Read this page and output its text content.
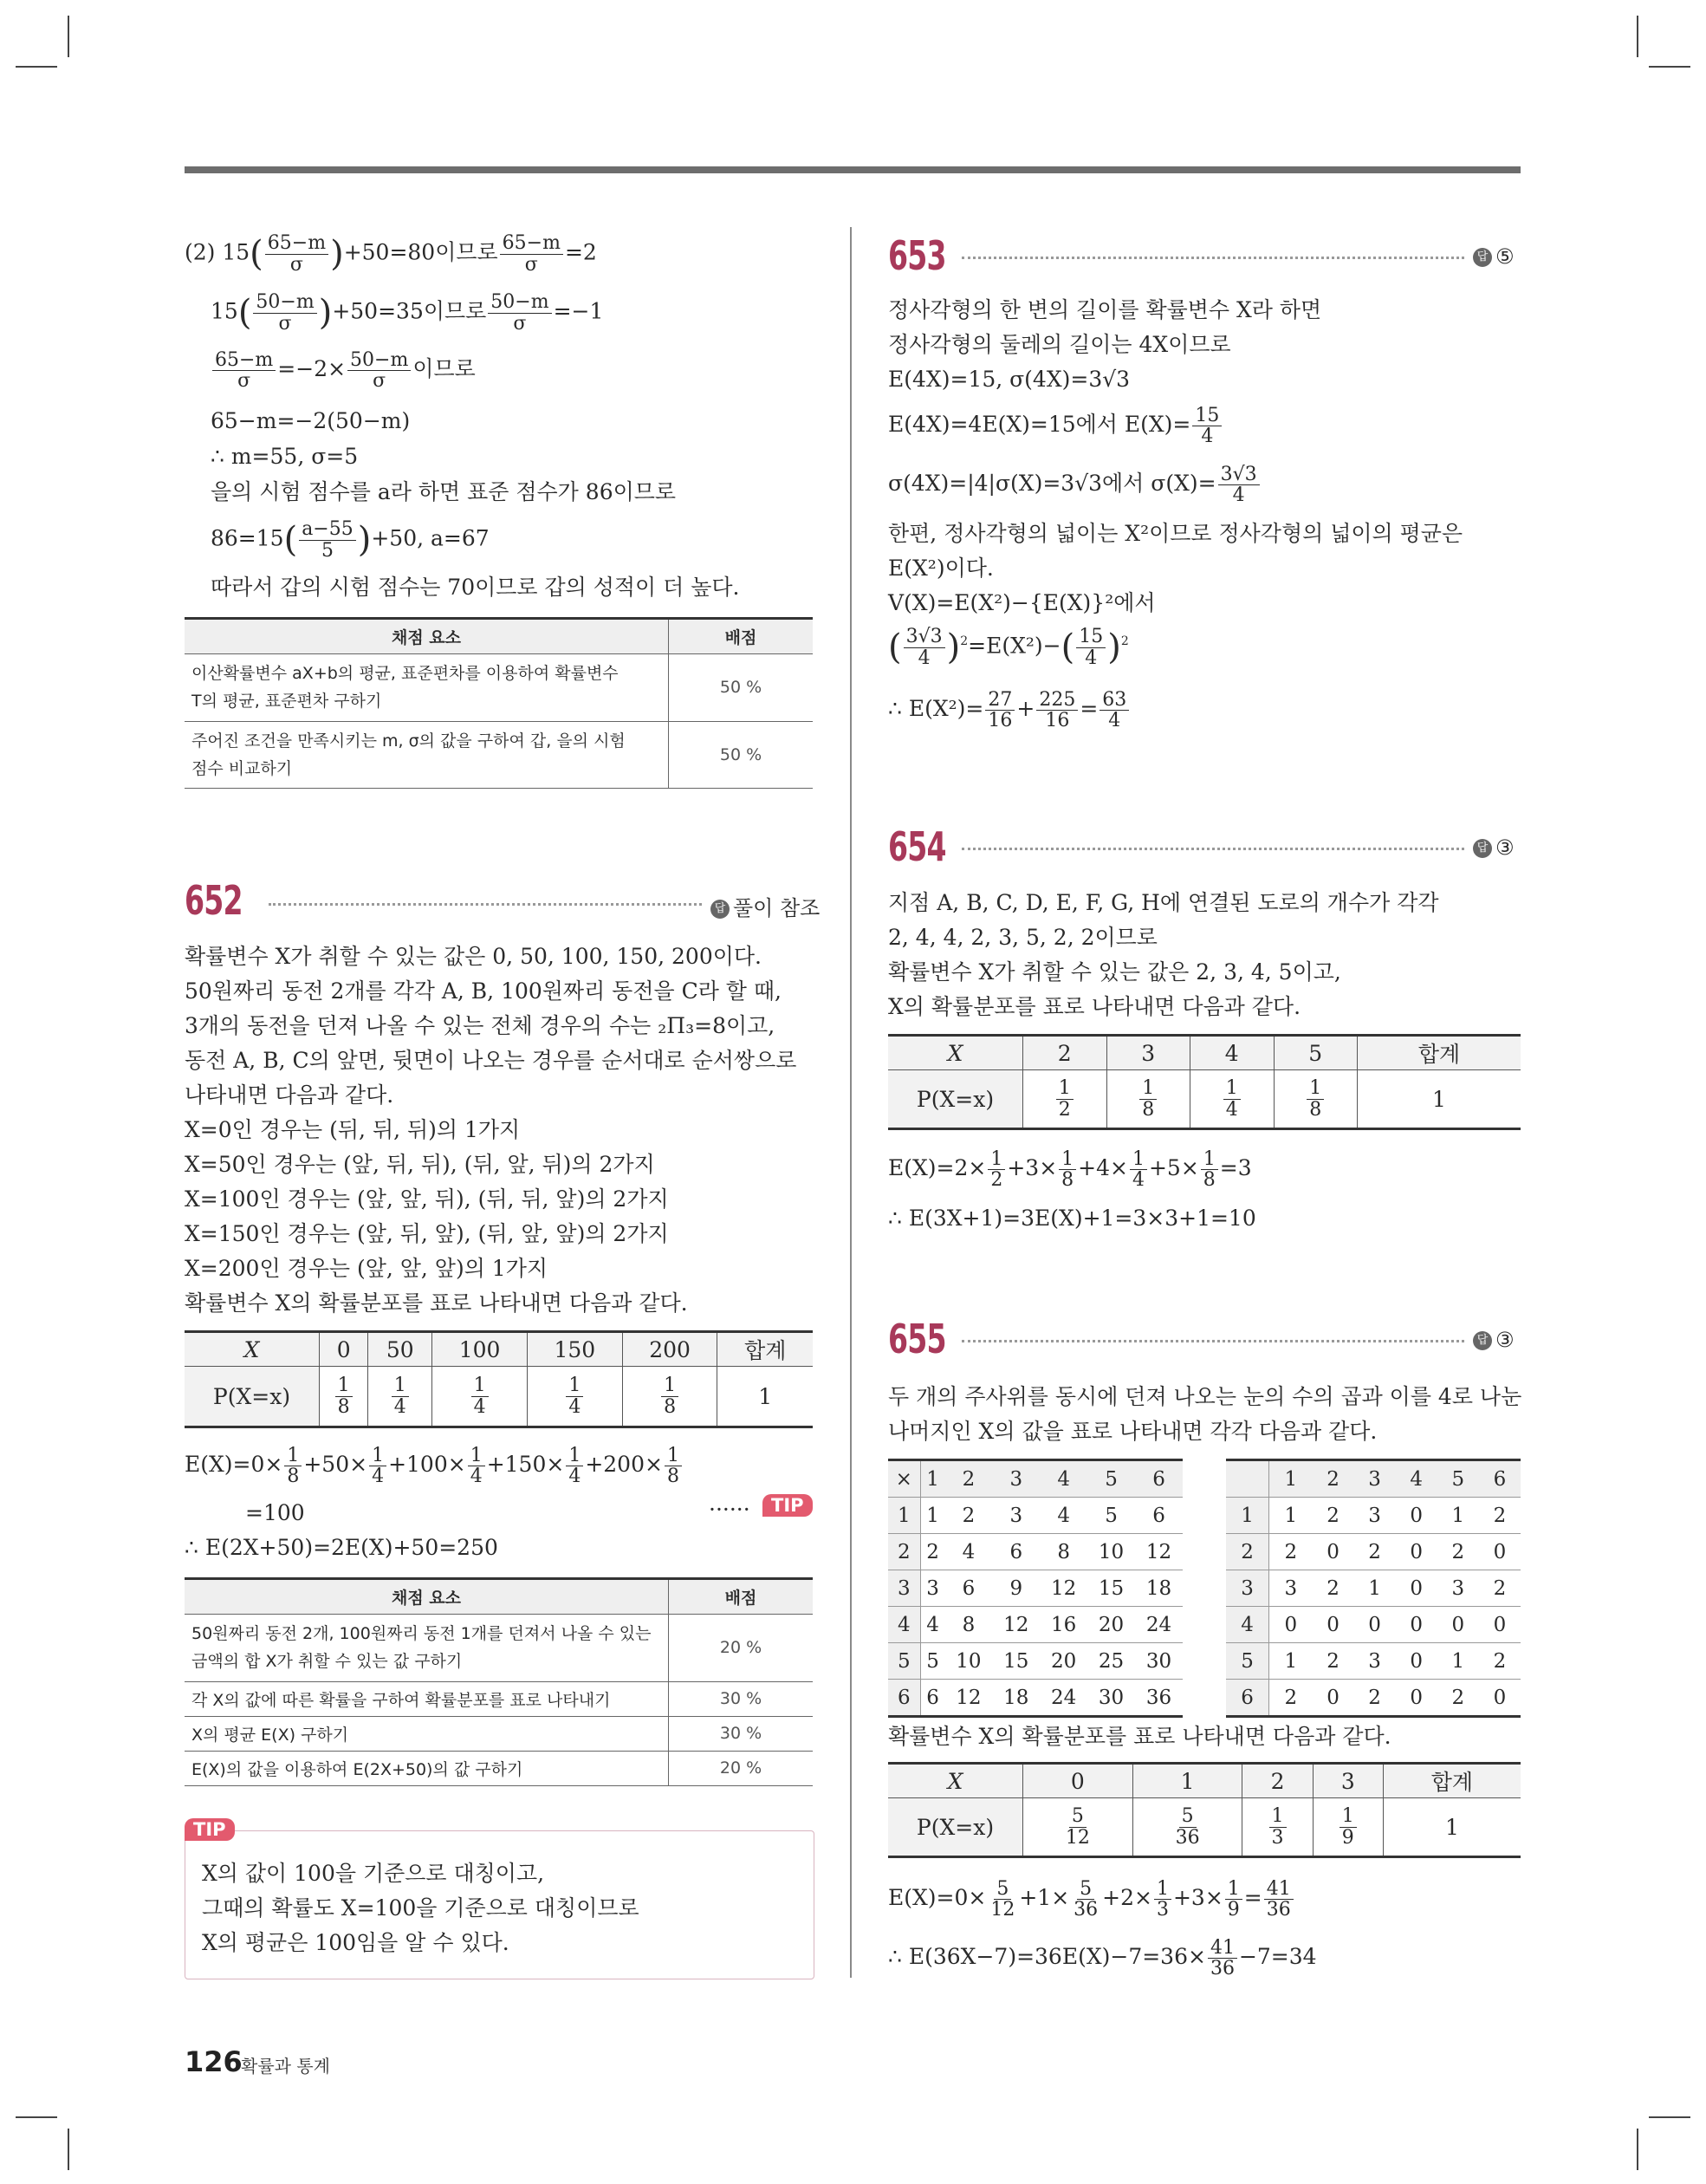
(2) $15( \frac{65-m}{\sigma} )+50=80$이므로 $\frac{65-m}{\sigma} =2$
$15( \frac{50-m}{\sigma} )+50=35$이므로 $\frac{50-m}{\sigma} =-1$
$\frac{65-m}{\sigma} =-2\times \frac{50-m}{\sigma}$ 이므로
65−m=−2(50−m)
∴ m=55, σ=5
을의 시험 점수를 a라 하면 표준 점수가 86이므로
$86=15( \frac{a-55}{5} )+50$, a=67
따라서 갑의 시험 점수는 70이므로 갑의 성적이 더 높다.
채점 요소	배점
이산확률변수 aX+b의 평균, 표준편차를 이용하여 확률변수
T의 평균, 표준편차 구하기	50 %
주어진 조건을 만족시키는 m, σ의 값을 구하여 갑, 을의 시험
점수 비교하기	50 %
652	답 풀이 참조
확률변수 X가 취할 수 있는 값은 0, 50, 100, 150, 200이다.
50원짜리 동전 2개를 각각 A, B, 100원짜리 동전을 C라 할 때,
3개의 동전을 던져 나올 수 있는 전체 경우의 수는 ₂Π₃=8이고,
동전 A, B, C의 앞면, 뒷면이 나오는 경우를 순서대로 순서쌍으로
나타내면 다음과 같다.
X=0인 경우는 (뒤, 뒤, 뒤)의 1가지
X=50인 경우는 (앞, 뒤, 뒤), (뒤, 앞, 뒤)의 2가지
X=100인 경우는 (앞, 앞, 뒤), (뒤, 뒤, 앞)의 2가지
X=150인 경우는 (앞, 뒤, 앞), (뒤, 앞, 앞)의 2가지
X=200인 경우는 (앞, 앞, 앞)의 1가지
확률변수 X의 확률분포를 표로 나타내면 다음과 같다.
X	0	50	100	150	200	합계
P(X=x)	$\frac{1}{8}$	$\frac{1}{4}$	$\frac{1}{4}$	$\frac{1}{4}$	$\frac{1}{8}$	1
$E(X)=0\times \frac{1}{8} +50\times \frac{1}{4} +100\times \frac{1}{4} +150\times \frac{1}{4} +200\times \frac{1}{8}$
=100	······	TIP
∴ E(2X+50)=2E(X)+50=250
채점 요소	배점
50원짜리 동전 2개, 100원짜리 동전 1개를 던져서 나올 수 있는
금액의 합 X가 취할 수 있는 값 구하기	20 %
각 X의 값에 따른 확률을 구하여 확률분포를 표로 나타내기	30 %
X의 평균 E(X) 구하기	30 %
E(X)의 값을 이용하여 E(2X+50)의 값 구하기	20 %
TIP
X의 값이 100을 기준으로 대칭이고,
그때의 확률도 X=100을 기준으로 대칭이므로
X의 평균은 100임을 알 수 있다.
653	답 ⑤
정사각형의 한 변의 길이를 확률변수 X라 하면
정사각형의 둘레의 길이는 4X이므로
E(4X)=15, σ(4X)=3√3
E(4X)=4E(X)=15에서 $E(X)= \frac{15}{4}$
σ(4X)=|4|σ(X)=3√3에서 $\sigma(X)= \frac{3√3}{4}$
한편, 정사각형의 넓이는 X²이므로 정사각형의 넓이의 평균은
E(X²)이다.
V(X)=E(X²)−{E(X)}²에서
( $\frac{3√3}{4} )^2=E(X^2)-( \frac{15}{4} )^2$
∴ $E(X^2)= \frac{27}{16} + \frac{225}{16} = \frac{63}{4}$
654	답 ③
지점 A, B, C, D, E, F, G, H에 연결된 도로의 개수가 각각
2, 4, 4, 2, 3, 5, 2, 2이므로
확률변수 X가 취할 수 있는 값은 2, 3, 4, 5이고,
X의 확률분포를 표로 나타내면 다음과 같다.
X	2	3	4	5	합계
P(X=x)	$\frac{1}{2}$	$\frac{1}{8}$	$\frac{1}{4}$	$\frac{1}{8}$	1
$E(X)=2\times \frac{1}{2} +3\times \frac{1}{8} +4\times \frac{1}{4} +5\times \frac{1}{8} =3$
∴ E(3X+1)=3E(X)+1=3×3+1=10
655	답 ③
두 개의 주사위를 동시에 던져 나오는 눈의 수의 곱과 이를 4로 나눈
나머지인 X의 값을 표로 나타내면 각각 다음과 같다.
×	1	2	3	4	5	6
1	1	2	3	4	5	6
2	2	4	6	8	10	12
3	3	6	9	12	15	18
4	4	8	12	16	20	24
5	5	10	15	20	25	30
6	6	12	18	24	30	36
	1	2	3	4	5	6
1	1	2	3	0	1	2
2	2	0	2	0	2	0
3	3	2	1	0	3	2
4	0	0	0	0	0	0
5	1	2	3	0	1	2
6	2	0	2	0	2	0
확률변수 X의 확률분포를 표로 나타내면 다음과 같다.
X	0	1	2	3	합계
P(X=x)	$\frac{5}{12}$	$\frac{5}{36}$	$\frac{1}{3}$	$\frac{1}{9}$	1
$E(X)=0\times \frac{5}{12} +1\times \frac{5}{36} +2\times \frac{1}{3} +3\times \frac{1}{9} = \frac{41}{36}$
∴ $E(36X-7)=36E(X)-7=36\times \frac{41}{36} -7=34$
126
확률과 통계
